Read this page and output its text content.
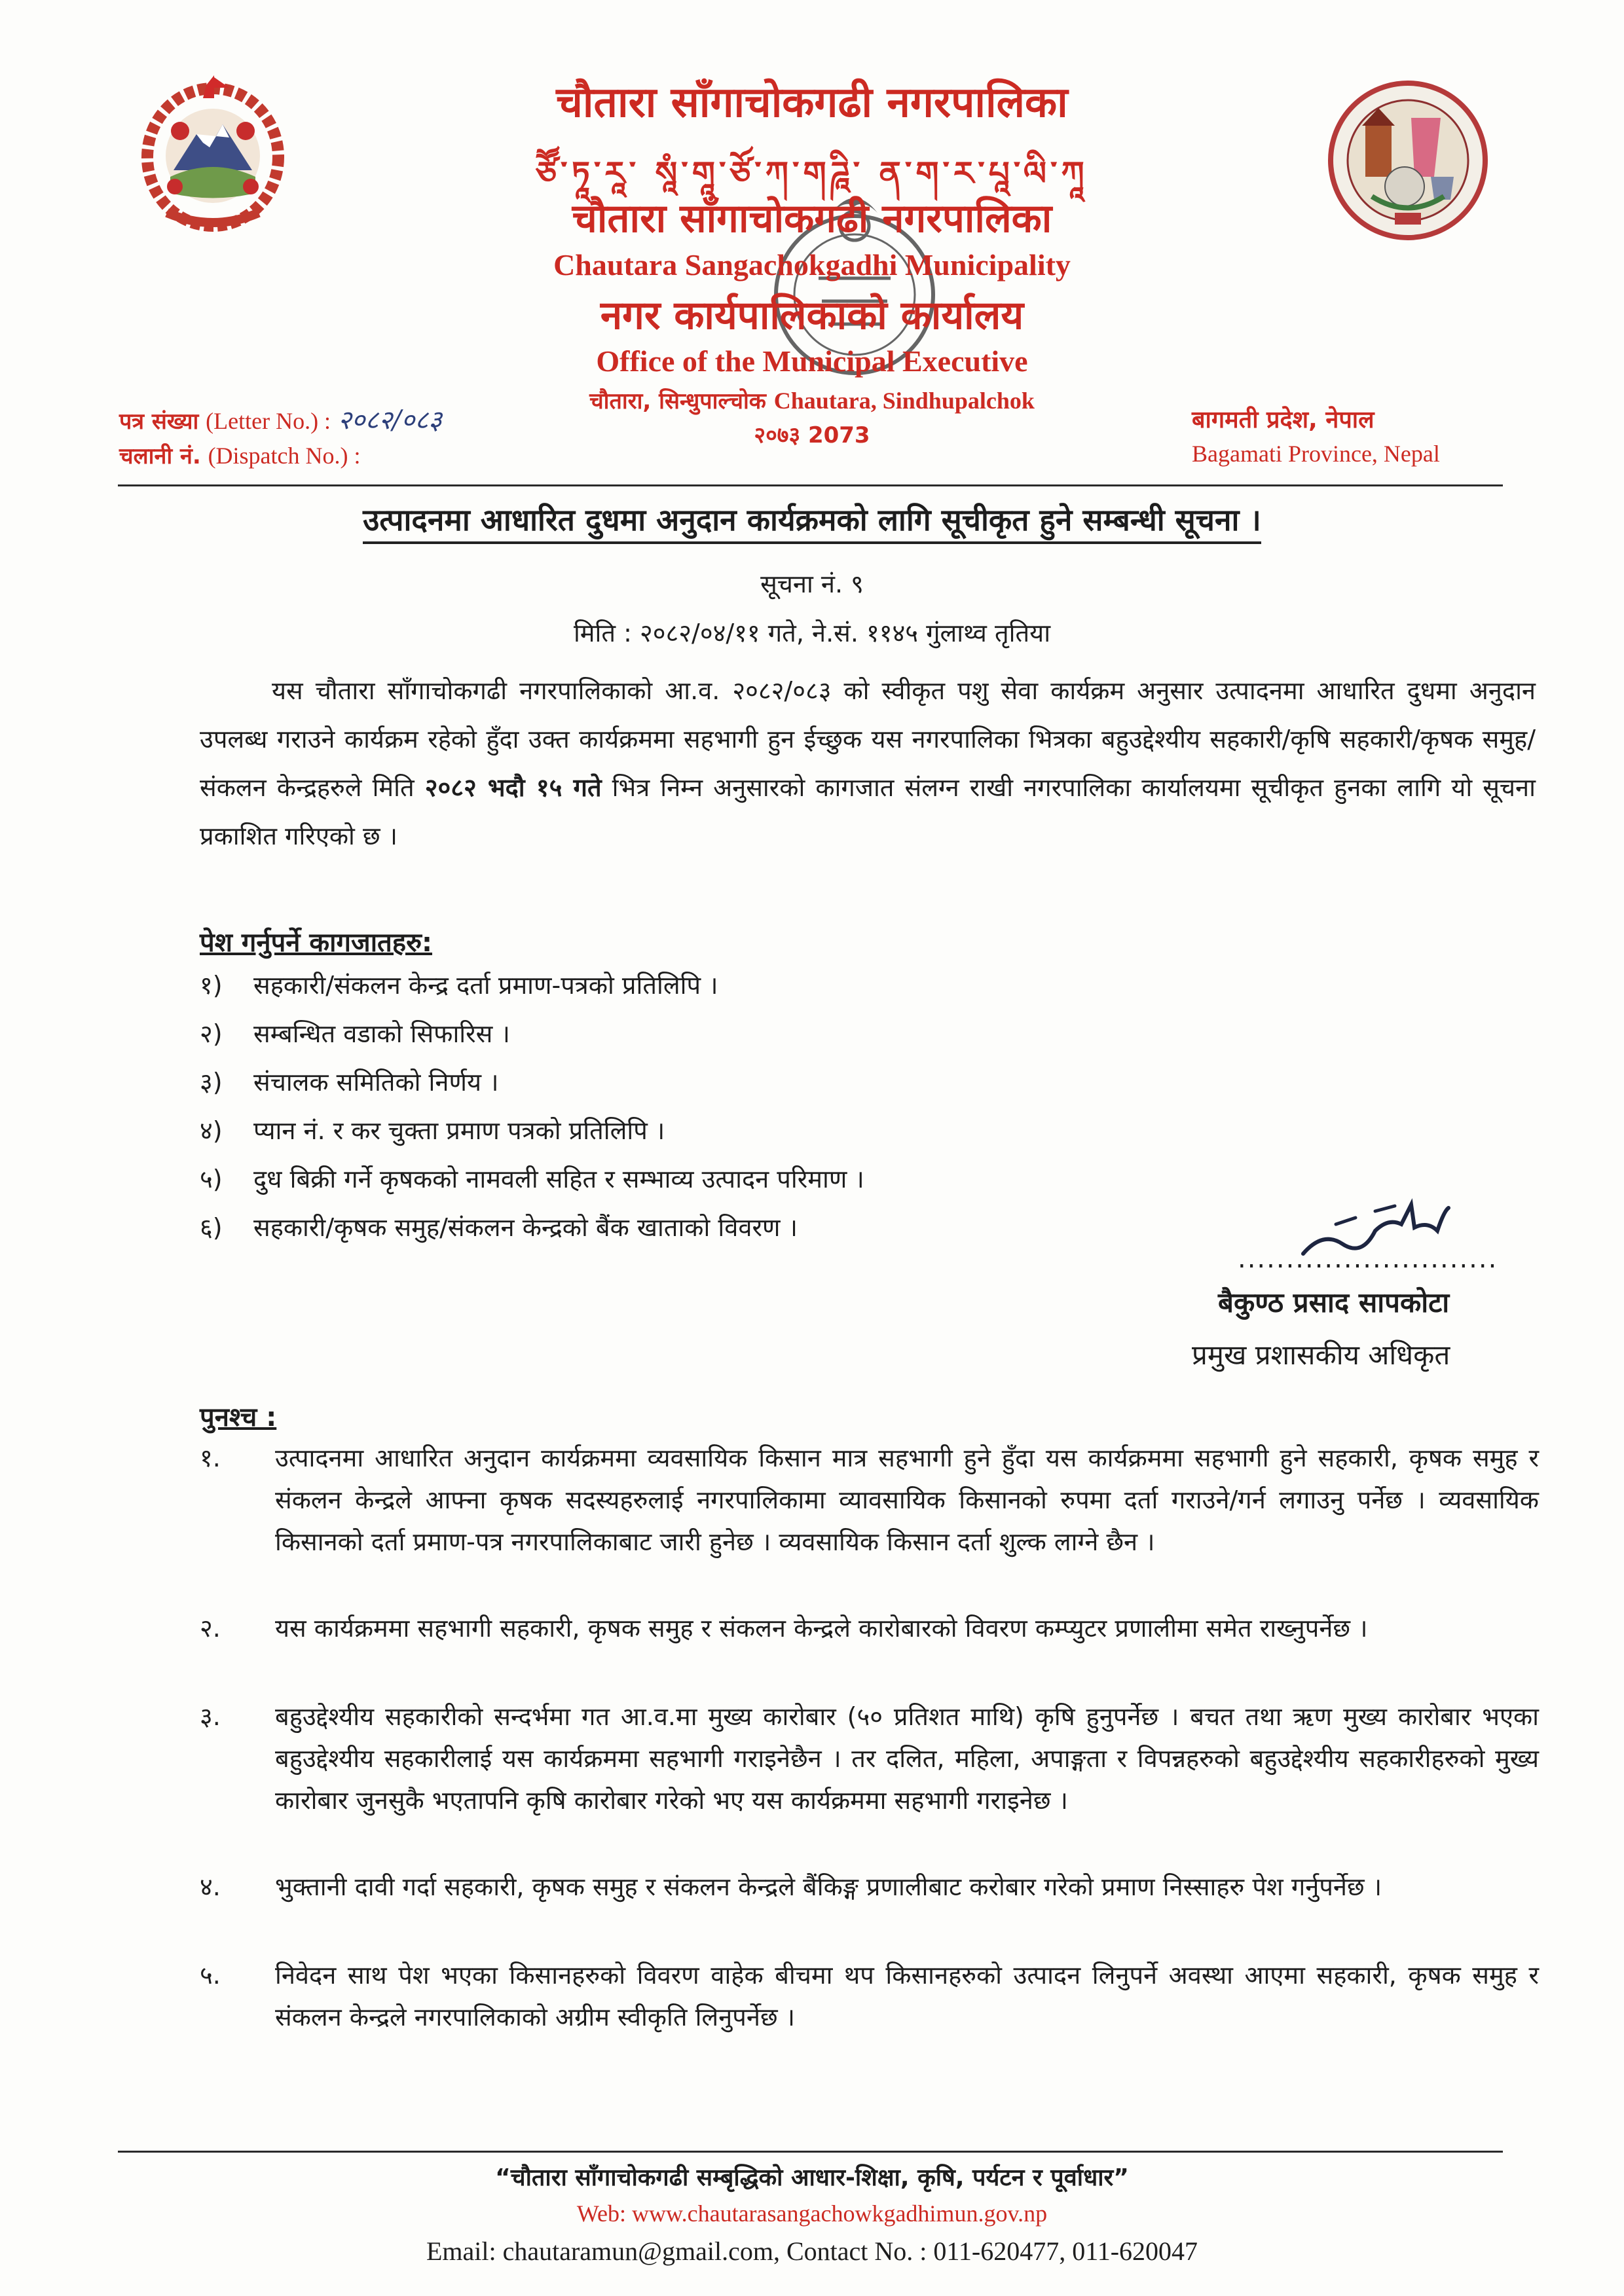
चौतारा साँगाचोकगढी नगरपालिका
ཙཽ་ཏཱ་རཱ་ སཱཾ་གཱ་ཙོ་ཀ་གཌཱི་ ན་ག་ར་པཱ་ལི་ཀཱ
चौतारा साँगाचोकगढी नगरपालिका
Chautara Sangachokgadhi Municipality
नगर कार्यपालिकाको कार्यालय
Office of the Municipal Executive
चौतारा, सिन्धुपाल्चोक Chautara, Sindhupalchok
२०७३ 2073
पत्र संख्या (Letter No.) : २०८२/०८३
चलानी नं. (Dispatch No.) :
बागमती प्रदेश, नेपाल
Bagamati Province, Nepal
उत्पादनमा आधारित दुधमा अनुदान कार्यक्रमको लागि सूचीकृत हुने सम्बन्धी सूचना ।
सूचना नं. ९
मिति : २०८२/०४/११ गते, ने.सं. ११४५ गुंलाथ्व तृतिया
यस चौतारा साँगाचोकगढी नगरपालिकाको आ.व. २०८२/०८३ को स्वीकृत पशु सेवा कार्यक्रम अनुसार उत्पादनमा आधारित दुधमा अनुदान उपलब्ध गराउने कार्यक्रम रहेको हुँदा उक्त कार्यक्रममा सहभागी हुन ईच्छुक यस नगरपालिका भित्रका बहुउद्देश्यीय सहकारी/कृषि सहकारी/कृषक समुह/संकलन केन्द्रहरुले मिति २०८२ भदौ १५ गते भित्र निम्न अनुसारको कागजात संलग्न राखी नगरपालिका कार्यालयमा सूचीकृत हुनका लागि यो सूचना प्रकाशित गरिएको छ ।
पेश गर्नुपर्ने कागजातहरु:
१) सहकारी/संकलन केन्द्र दर्ता प्रमाण-पत्रको प्रतिलिपि ।
२) सम्बन्धित वडाको सिफारिस ।
३) संचालक समितिको निर्णय ।
४) प्यान नं. र कर चुक्ता प्रमाण पत्रको प्रतिलिपि ।
५) दुध बिक्री गर्ने कृषकको नामवली सहित र सम्भाव्य उत्पादन परिमाण ।
६) सहकारी/कृषक समुह/संकलन केन्द्रको बैंक खाताको विवरण ।
...........................
बैकुण्ठ प्रसाद सापकोटा
प्रमुख प्रशासकीय अधिकृत
पुनश्च :
१.	उत्पादनमा आधारित अनुदान कार्यक्रममा व्यवसायिक किसान मात्र सहभागी हुने हुँदा यस कार्यक्रममा सहभागी हुने सहकारी, कृषक समुह र संकलन केन्द्रले आफ्ना कृषक सदस्यहरुलाई नगरपालिकामा व्यावसायिक किसानको रुपमा दर्ता गराउने/गर्न लगाउनु पर्नेछ । व्यवसायिक किसानको दर्ता प्रमाण-पत्र नगरपालिकाबाट जारी हुनेछ । व्यवसायिक किसान दर्ता शुल्क लाग्ने छैन ।
२.	यस कार्यक्रममा सहभागी सहकारी, कृषक समुह र संकलन केन्द्रले कारोबारको विवरण कम्प्युटर प्रणालीमा समेत राख्नुपर्नेछ ।
३.	बहुउद्देश्यीय सहकारीको सन्दर्भमा गत आ.व.मा मुख्य कारोबार (५० प्रतिशत माथि) कृषि हुनुपर्नेछ । बचत तथा ऋण मुख्य कारोबार भएका बहुउद्देश्यीय सहकारीलाई यस कार्यक्रममा सहभागी गराइनेछैन । तर दलित, महिला, अपाङ्गता र विपन्नहरुको बहुउद्देश्यीय सहकारीहरुको मुख्य कारोबार जुनसुकै भएतापनि कृषि कारोबार गरेको भए यस कार्यक्रममा सहभागी गराइनेछ ।
४.	भुक्तानी दावी गर्दा सहकारी, कृषक समुह र संकलन केन्द्रले बैंकिङ्ग प्रणालीबाट करोबार गरेको प्रमाण निस्साहरु पेश गर्नुपर्नेछ ।
५.	निवेदन साथ पेश भएका किसानहरुको विवरण वाहेक बीचमा थप किसानहरुको उत्पादन लिनुपर्ने अवस्था आएमा सहकारी, कृषक समुह र संकलन केन्द्रले नगरपालिकाको अग्रीम स्वीकृति लिनुपर्नेछ ।
“चौतारा साँगाचोकगढी सम्बृद्धिको आधार-शिक्षा, कृषि, पर्यटन र पूर्वाधार”
Web: www.chautarasangachowkgadhimun.gov.np
Email: chautaramun@gmail.com, Contact No. : 011-620477, 011-620047
